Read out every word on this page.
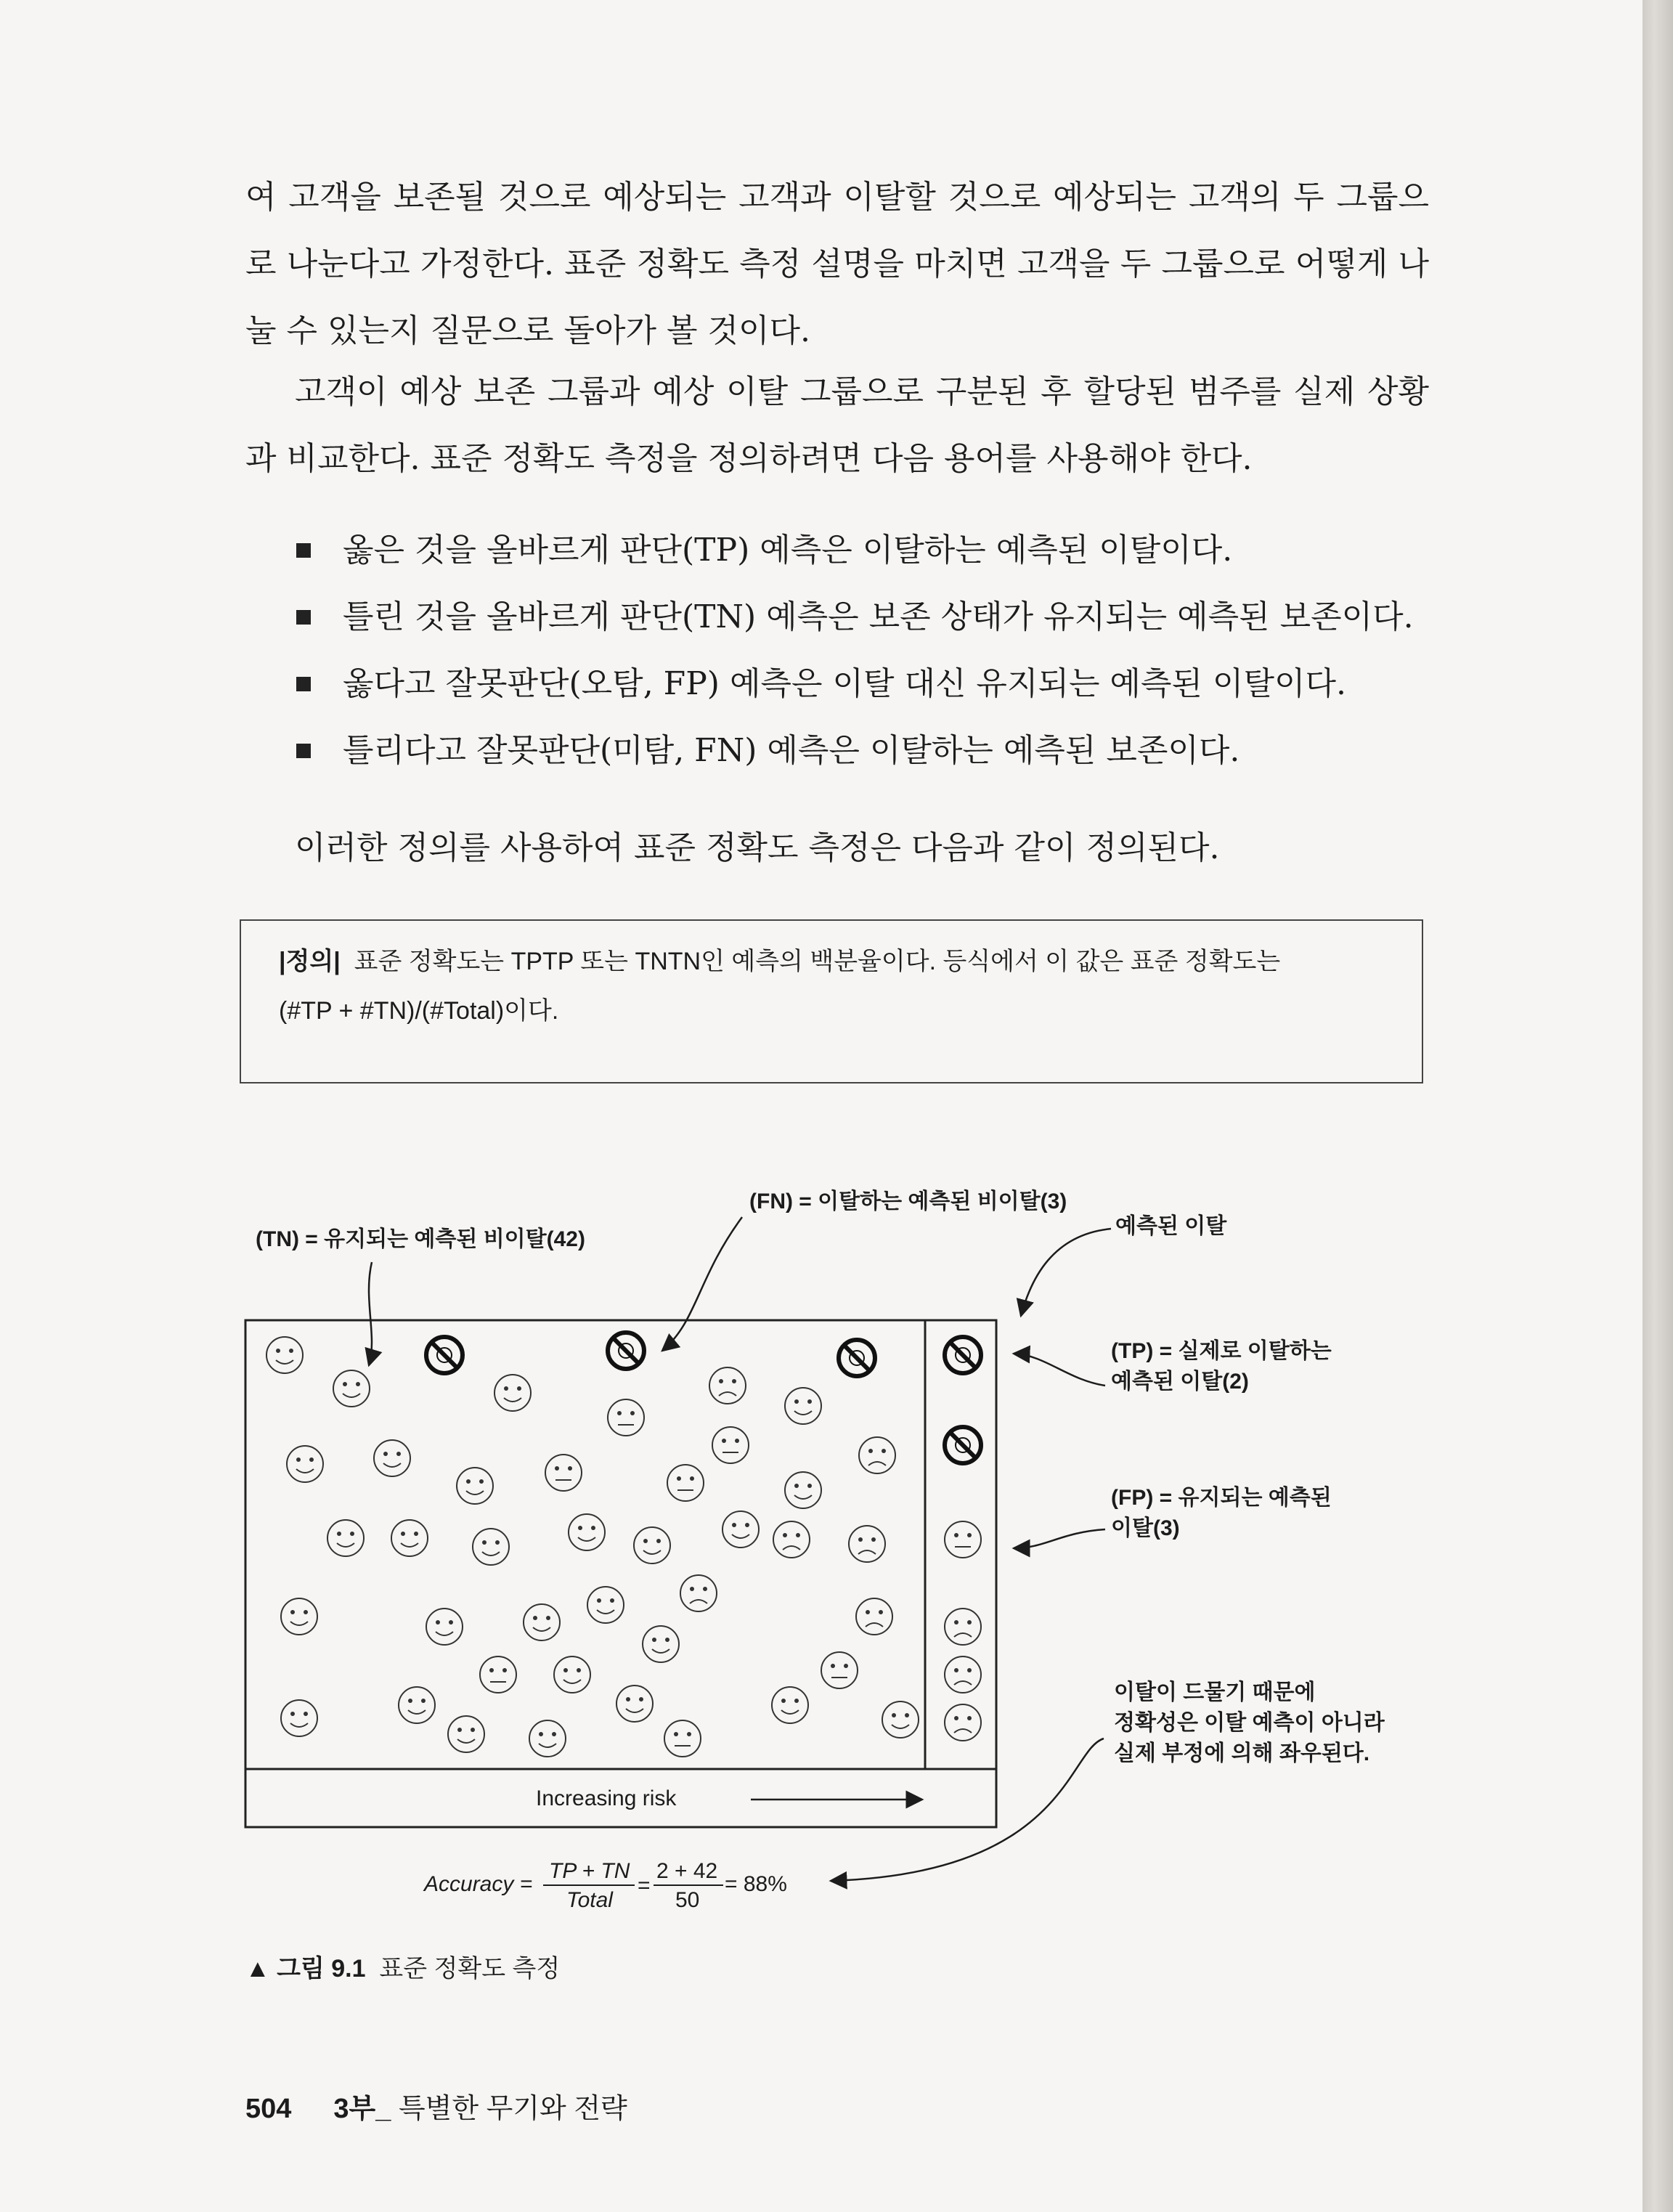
여 고객을 보존될 것으로 예상되는 고객과 이탈할 것으로 예상되는 고객의 두 그룹으로 나눈다고 가정한다. 표준 정확도 측정 설명을 마치면 고객을 두 그룹으로 어떻게 나눌 수 있는지 질문으로 돌아가 볼 것이다.

고객이 예상 보존 그룹과 예상 이탈 그룹으로 구분된 후 할당된 범주를 실제 상황과 비교한다. 표준 정확도 측정을 정의하려면 다음 용어를 사용해야 한다.

옳은 것을 올바르게 판단(TP) 예측은 이탈하는 예측된 이탈이다.
틀린 것을 올바르게 판단(TN) 예측은 보존 상태가 유지되는 예측된 보존이다.
옳다고 잘못판단(오탐, FP) 예측은 이탈 대신 유지되는 예측된 이탈이다.
틀리다고 잘못판단(미탐, FN) 예측은 이탈하는 예측된 보존이다.

이러한 정의를 사용하여 표준 정확도 측정은 다음과 같이 정의된다.

|정의| 표준 정확도는 TPTP 또는 TNTN인 예측의 백분율이다. 등식에서 이 값은 표준 정확도는
(#TP + #TN)/(#Total)이다.
(TN) = 유지되는 예측된 비이탈(42)
(FN) = 이탈하는 예측된 비이탈(3)
예측된 이탈
(TP) = 실제로 이탈하는
예측된 이탈(2)
(FP) = 유지되는 예측된
이탈(3)
이탈이 드물기 때문에
정확성은 이탈 예측이 아니라
실제 부정에 의해 좌우된다.
Increasing risk
Accuracy =
TP + TN
Total
=
2 + 42
50
= 88%
▲ 그림 9.1 표준 정확도 측정
504 3부_ 특별한 무기와 전략
